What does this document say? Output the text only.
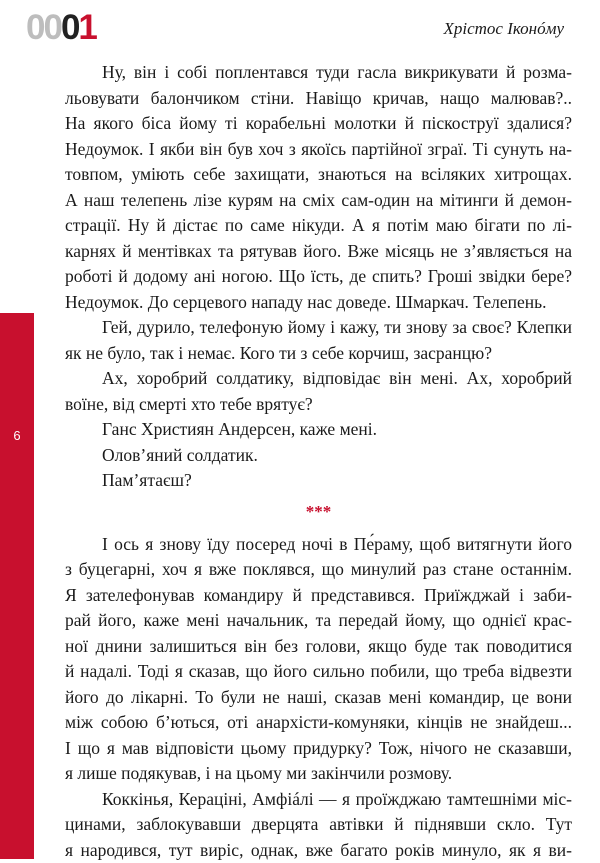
0001	Хрістос Іконóму
6

Ну, він і собі поплентався туди гасла викрикувати й розма-

льовувати балончиком стіни. Навіщо кричав, нащо малював?..

На якого біса йому ті корабельні молотки й піскоструї здалися?

Недоумок. І якби він був хоч з якоїсь партійної зграї. Ті сунуть на-

товпом, уміють себе захищати, знаються на всіляких хитрощах.

А наш телепень лізе курям на сміх сам-один на мітинги й демон-

страції. Ну й дістає по саме нікуди. А я потім маю бігати по лі-

карнях й ментівках та рятував його. Вже місяць не з’являється на

роботі й додому ані ногою. Що їсть, де спить? Гроші звідки бере?

Недоумок. До серцевого нападу нас доведе. Шмаркач. Телепень.

Гей, дурило, телефоную йому і кажу, ти знову за своє? Клепки

як не було, так і немає. Кого ти з себе корчиш, засранцю?

Ах, хоробрий солдатику, відповідає він мені. Ах, хоробрий

воїне, від смерті хто тебе врятує?

Ганс Християн Андерсен, каже мені.

Олов’яний солдатик.

Пам’ятаєш?

***

І ось я знову їду посеред ночі в Пе́раму, щоб витягнути його

з буцегарні, хоч я вже поклявся, що минулий раз стане останнім.

Я зателефонував командиру й представився. Приїжджай і заби-

рай його, каже мені начальник, та передай йому, що однієї крас-

ної днини залишиться він без голови, якщо буде так поводитися

й надалі. Тоді я сказав, що його сильно побили, що треба відвезти

його до лікарні. То були не наші, сказав мені командир, це вони

між собою б’ються, оті анархісти-комуняки, кінців не знайдеш...

І що я мав відповісти цьому придурку? Тож, нічого не сказавши,

я лише подякував, і на цьому ми закінчили розмову.

Коккінья, Кераціні, Амфіáлі — я проїжджаю тамтешніми міс-

цинами, заблокувавши дверцята автівки й піднявши скло. Тут

я народився, тут виріс, однак, вже багато років минуло, як я ви-
